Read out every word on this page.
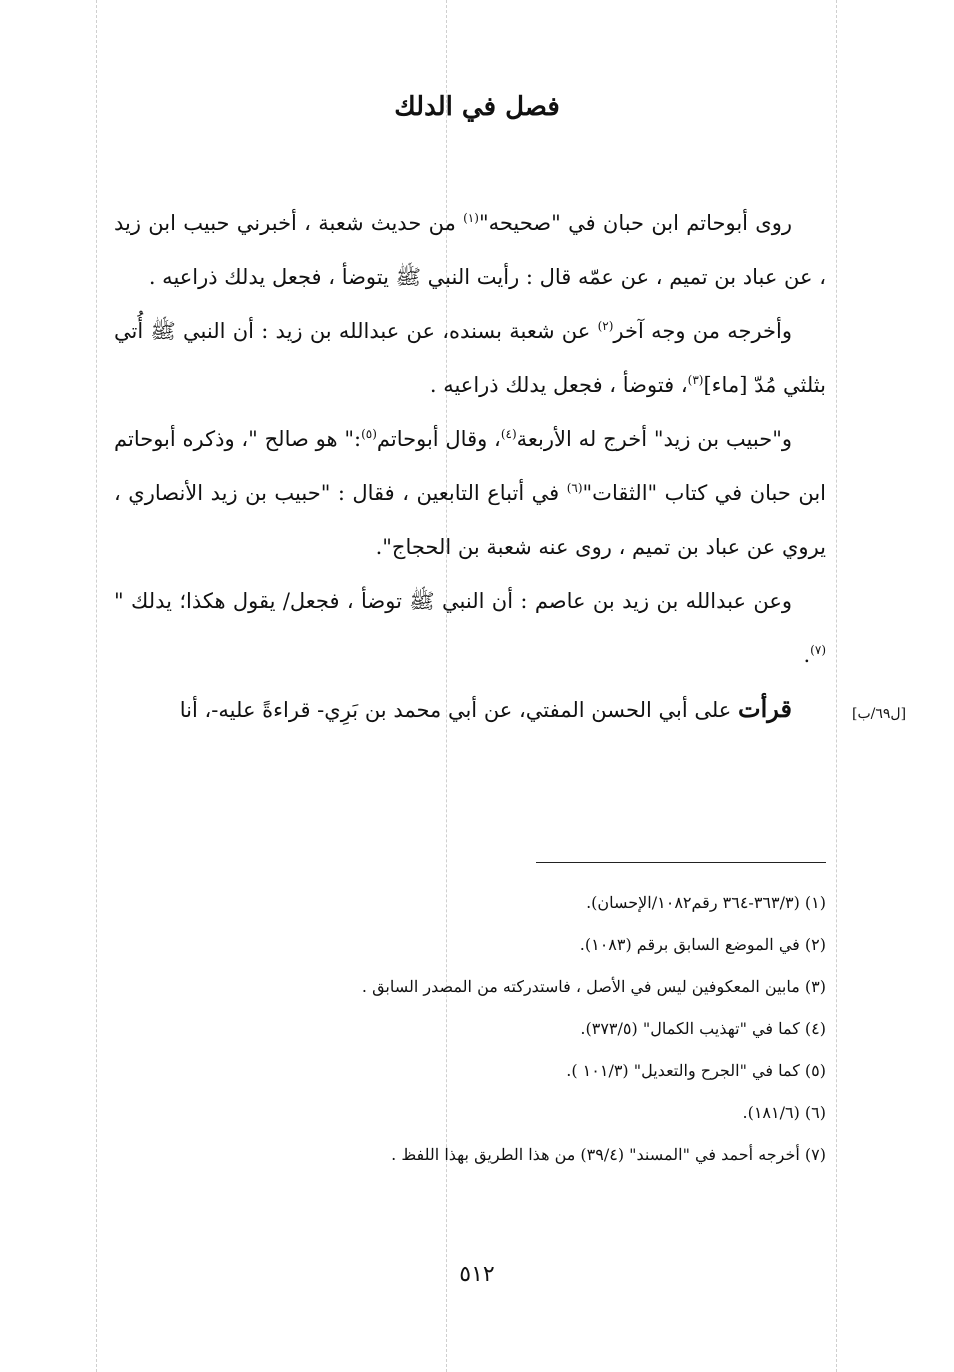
فصل في الدلك

روى أبوحاتم ابن حبان في "صحيحه"$^{(١)}$ من حديث شعبة ، أخبرني حبيب ابن زيد ، عن عباد بن تميم ، عن عمّه قال : رأيت النبي ﷺ يتوضأ ، فجعل يدلك ذراعيه .

وأخرجه من وجه آخر$^{(٢)}$ عن شعبة بسنده، عن عبدالله بن زيد : أن النبي ﷺ أُتي بثلثي مُدّ [ماء]$^{(٣)}$، فتوضأ ، فجعل يدلك ذراعيه .

و"حبيب بن زيد" أخرج له الأربعة$^{(٤)}$، وقال أبوحاتم$^{(٥)}$:" هو صالح "، وذكره أبوحاتم ابن حبان في كتاب "الثقات"$^{(٦)}$ في أتباع التابعين ، فقال : "حبيب بن زيد الأنصاري ، يروي عن عباد بن تميم ، روى عنه شعبة بن الحجاج".

وعن عبدالله بن زيد بن عاصم : أن النبي ﷺ توضأ ، فجعل/ يقول هكذا؛ يدلك "$^{(٧)}$.

قرأت على أبي الحسن المفتي، عن أبي محمد بن بَرِي- قراءةً عليه-، أنا	[ل٦٩/ب]
(١) (٣٦٣/٣-٣٦٤ رقم١٠٨٢/الإحسان).
(٢) في الموضع السابق برقم (١٠٨٣).
(٣) مابين المعكوفين ليس في الأصل ، فاستدركته من المصدر السابق .
(٤) كما في "تهذيب الكمال" (٣٧٣/٥).
(٥) كما في "الجرح والتعديل" (١٠١/٣ ).
(٦) (١٨١/٦).
(٧) أخرجه أحمد في "المسند" (٣٩/٤) من هذا الطريق بهذا اللفظ .
٥١٢
